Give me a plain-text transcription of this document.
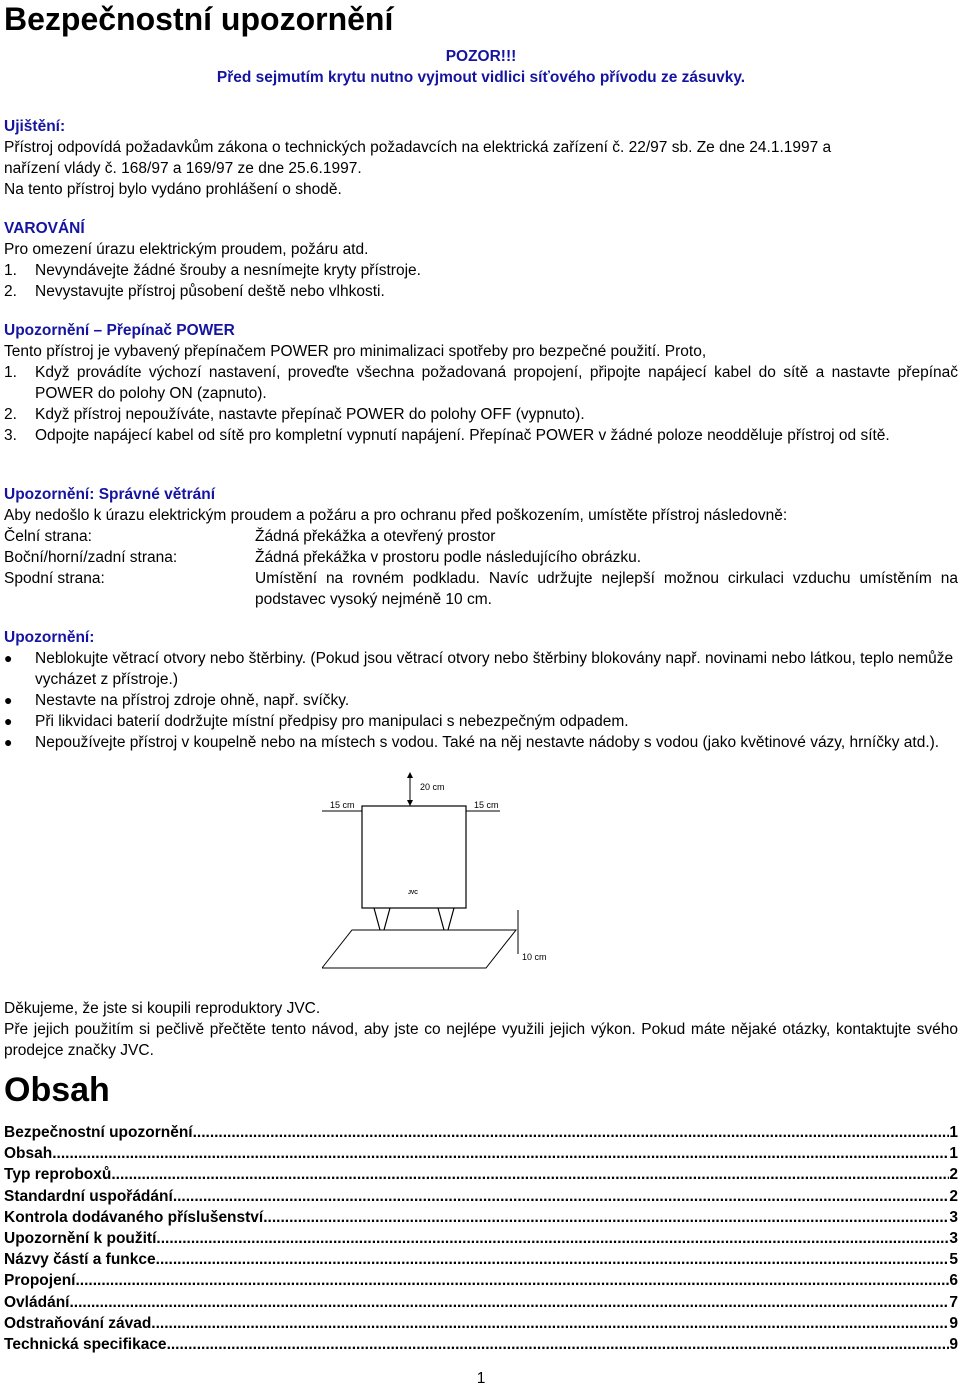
Bezpečnostní upozornění
POZOR!!!
Před sejmutím krytu nutno vyjmout vidlici síťového přívodu ze zásuvky.
Ujištění:
Přístroj odpovídá požadavkům zákona o technických požadavcích na elektrická zařízení č. 22/97 sb. Ze dne 24.1.1997 a
nařízení vlády č. 168/97 a 169/97 ze dne 25.6.1997.
Na tento přístroj bylo vydáno prohlášení o shodě.
VAROVÁNÍ
Pro omezení úrazu elektrickým proudem, požáru atd.
1.	Nevyndávejte žádné šrouby a nesnímejte kryty přístroje.
2.	Nevystavujte přístroj působení deště nebo vlhkosti.
Upozornění – Přepínač POWER
Tento přístroj je vybavený přepínačem POWER pro minimalizaci spotřeby pro bezpečné použití. Proto,
1.	Když provádíte výchozí nastavení, proveďte všechna požadovaná propojení, připojte napájecí kabel do sítě a nastavte přepínač POWER do polohy ON (zapnuto).
2.	Když přístroj nepoužíváte, nastavte přepínač POWER do polohy OFF (vypnuto).
3.	Odpojte napájecí kabel od sítě pro kompletní vypnutí napájení. Přepínač POWER v žádné poloze neodděluje přístroj od sítě.
Upozornění: Správné větrání
Aby nedošlo k úrazu elektrickým proudem a požáru a pro ochranu před poškozením, umístěte přístroj následovně:
Čelní strana:	Žádná překážka a otevřený prostor
Boční/horní/zadní strana:	Žádná překážka v prostoru podle následujícího obrázku.
Spodní strana:	Umístění na rovném podkladu. Navíc udržujte nejlepší možnou cirkulaci vzduchu umístěním na podstavec vysoký nejméně 10 cm.
Upozornění:
●	Neblokujte větrací otvory nebo štěrbiny. (Pokud jsou větrací otvory nebo štěrbiny blokovány např. novinami nebo látkou, teplo nemůže vycházet z přístroje.)
●	Nestavte na přístroj zdroje ohně, např. svíčky.
●	Při likvidaci baterií dodržujte místní předpisy pro manipulaci s nebezpečným odpadem.
●	Nepoužívejte přístroj v koupelně nebo na místech s vodou. Také na něj nestavte nádoby s vodou (jako květinové vázy, hrníčky atd.).
20 cm
15 cm	15 cm
JVC
10 cm
Děkujeme, že jste si koupili reproduktory JVC.
Pře jejich použitím si pečlivě přečtěte tento návod, aby jste co nejlépe využili jejich výkon. Pokud máte nějaké otázky, kontaktujte svého prodejce značky JVC.
Obsah
Bezpečnostní upozornění .....	1
Obsah .....	1
Typ reproboxů .....	2
Standardní uspořádání .....	2
Kontrola dodávaného příslušenství .....	3
Upozornění k použití .....	3
Názvy částí a funkce .....	5
Propojení .....	6
Ovládání .....	7
Odstraňování závad .....	9
Technická specifikace .....	9
1
